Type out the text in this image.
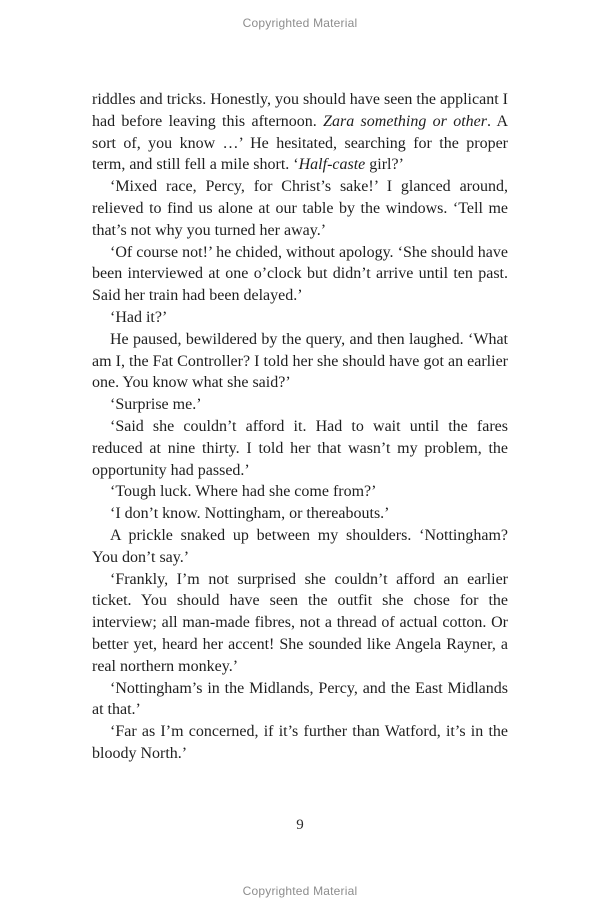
Copyrighted Material

riddles and tricks. Honestly, you should have seen the applicant I had before leaving this afternoon. Zara something or other. A sort of, you know …’ He hesitated, searching for the proper term, and still fell a mile short. ‘Half-caste girl?’

‘Mixed race, Percy, for Christ’s sake!’ I glanced around, relieved to find us alone at our table by the windows. ‘Tell me that’s not why you turned her away.’

‘Of course not!’ he chided, without apology. ‘She should have been interviewed at one o’clock but didn’t arrive until ten past. Said her train had been delayed.’

‘Had it?’

He paused, bewildered by the query, and then laughed. ‘What am I, the Fat Controller? I told her she should have got an earlier one. You know what she said?’

‘Surprise me.’

‘Said she couldn’t afford it. Had to wait until the fares reduced at nine thirty. I told her that wasn’t my problem, the opportunity had passed.’

‘Tough luck. Where had she come from?’

‘I don’t know. Nottingham, or thereabouts.’

A prickle snaked up between my shoulders. ‘Nottingham? You don’t say.’

‘Frankly, I’m not surprised she couldn’t afford an earlier ticket. You should have seen the outfit she chose for the interview; all man-made fibres, not a thread of actual cotton. Or better yet, heard her accent! She sounded like Angela Rayner, a real northern monkey.’

‘Nottingham’s in the Midlands, Percy, and the East Midlands at that.’

‘Far as I’m concerned, if it’s further than Watford, it’s in the bloody North.’

9
Copyrighted Material
